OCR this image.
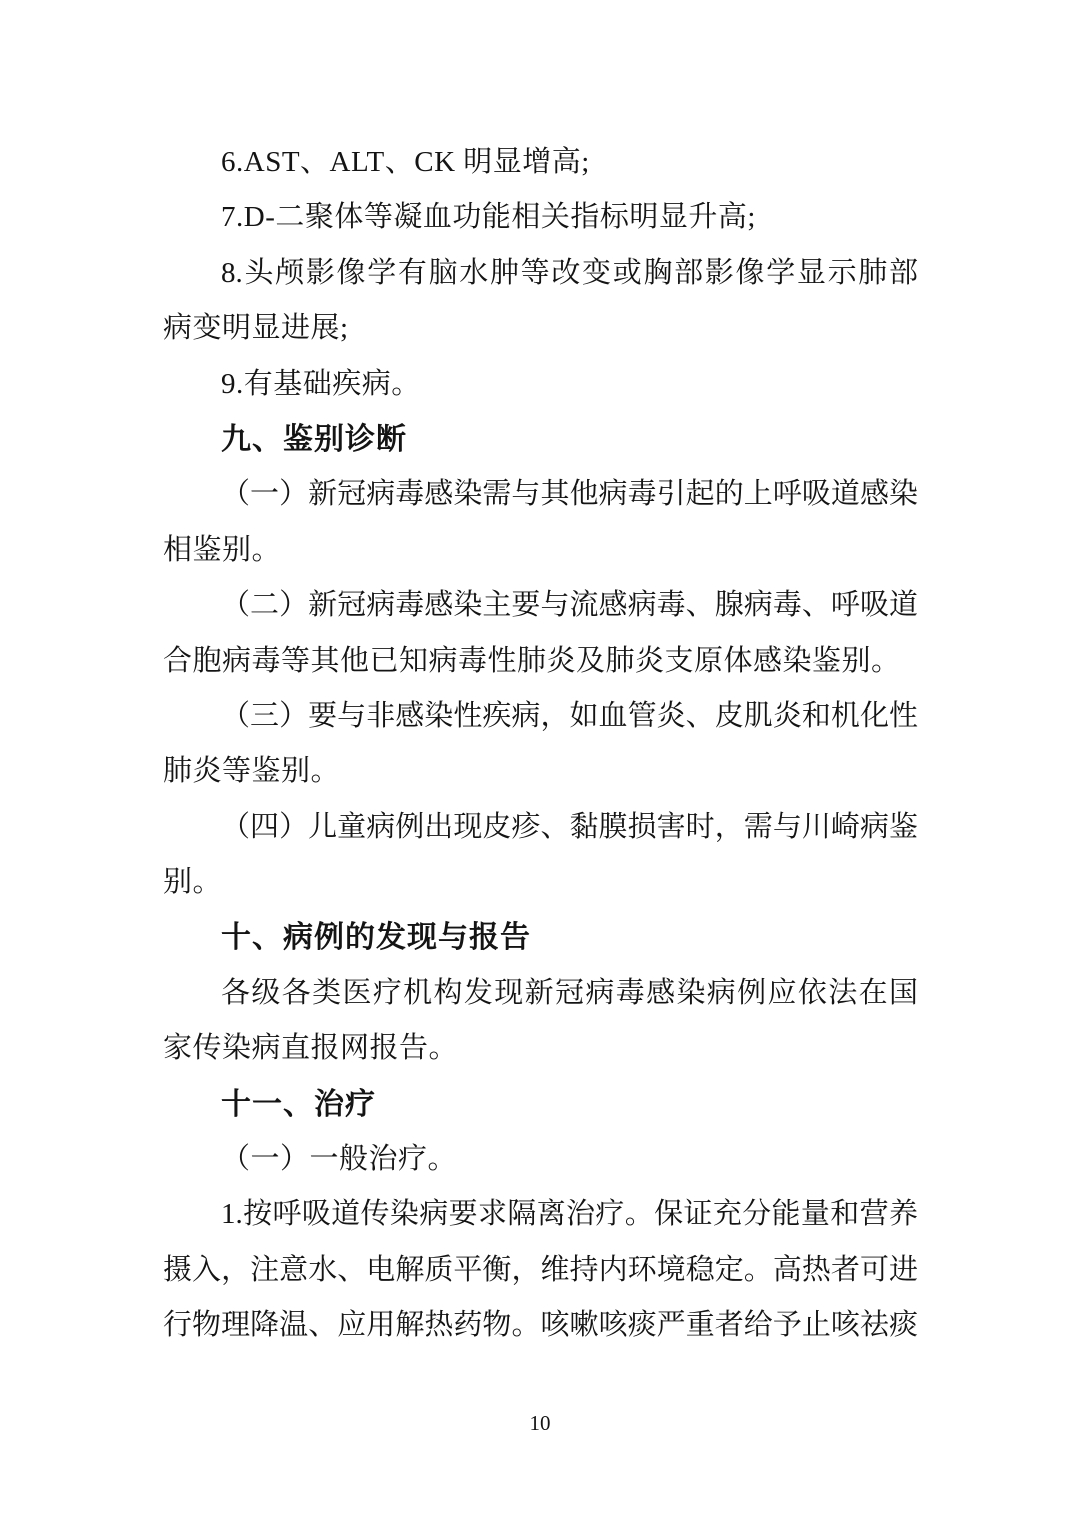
6.AST、ALT、CK 明显增高;
7.D-二聚体等凝血功能相关指标明显升高;
8.头颅影像学有脑水肿等改变或胸部影像学显示肺部
病变明显进展;
9.有基础疾病。
九、鉴别诊断
（一）新冠病毒感染需与其他病毒引起的上呼吸道感染
相鉴别。
（二）新冠病毒感染主要与流感病毒、腺病毒、呼吸道
合胞病毒等其他已知病毒性肺炎及肺炎支原体感染鉴别。
（三）要与非感染性疾病，如血管炎、皮肌炎和机化性
肺炎等鉴别。
（四）儿童病例出现皮疹、黏膜损害时，需与川崎病鉴
别。
十、病例的发现与报告
各级各类医疗机构发现新冠病毒感染病例应依法在国
家传染病直报网报告。
十一、治疗
（一）一般治疗。
1.按呼吸道传染病要求隔离治疗。保证充分能量和营养
摄入，注意水、电解质平衡，维持内环境稳定。高热者可进
行物理降温、应用解热药物。咳嗽咳痰严重者给予止咳祛痰
10
